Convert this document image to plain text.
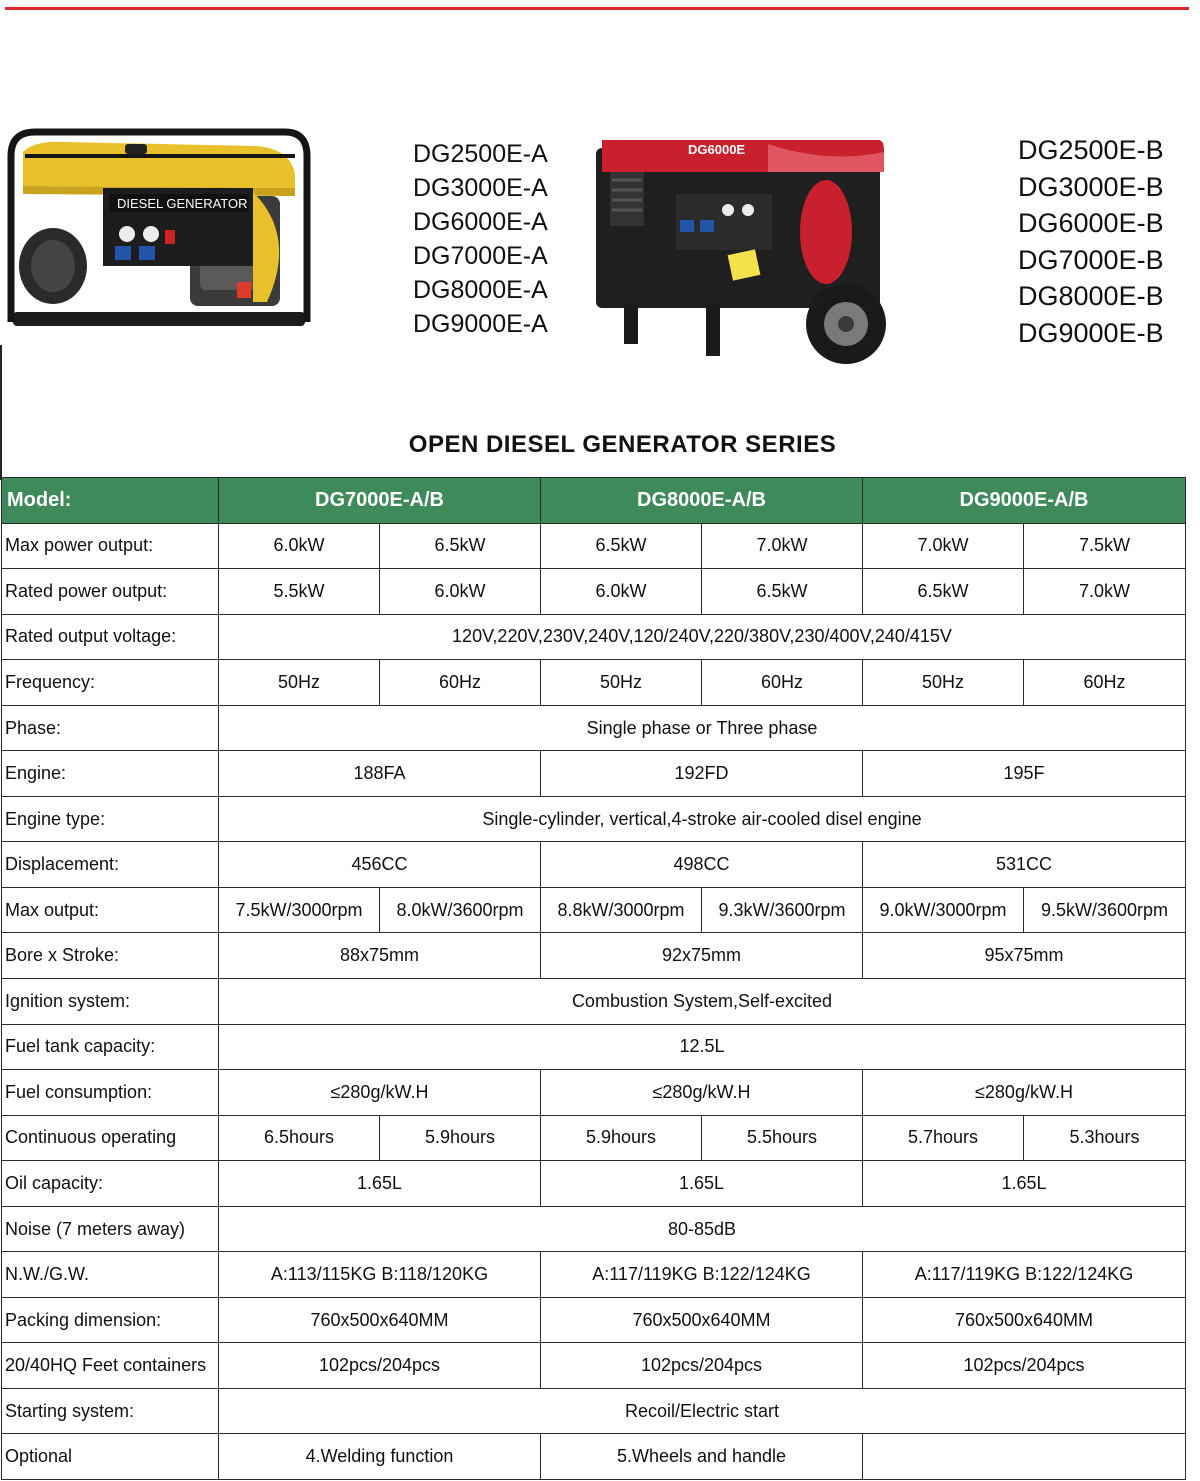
DIESEL GENERATOR
DG2500E-A
DG3000E-A
DG6000E-A
DG7000E-A
DG8000E-A
DG9000E-A
DG6000E	DG2500E-B
DG3000E-B
DG6000E-B
DG7000E-B
DG8000E-B
DG9000E-B
OPEN DIESEL GENERATOR SERIES
Model:	DG7000E-A/B		DG8000E-A/B		DG9000E-A/B	
Max power output:	6.0kW	6.5kW	6.5kW	7.0kW	7.0kW	7.5kW
Rated power output:	5.5kW	6.0kW	6.0kW	6.5kW	6.5kW	7.0kW
Rated output voltage:	120V,220V,230V,240V,120/240V,220/380V,230/400V,240/415V					
Frequency:	50Hz	60Hz	50Hz	60Hz	50Hz	60Hz
Phase:	Single phase or Three phase					
Engine:	188FA		192FD		195F	
Engine type:	Single-cylinder, vertical,4-stroke air-cooled disel engine					
Displacement:	456CC		498CC		531CC	
Max output:	7.5kW/3000rpm	8.0kW/3600rpm	8.8kW/3000rpm	9.3kW/3600rpm	9.0kW/3000rpm	9.5kW/3600rpm
Bore x Stroke:	88x75mm		92x75mm		95x75mm	
Ignition system:	Combustion System,Self-excited					
Fuel tank capacity:	12.5L					
Fuel consumption:	≤280g/kW.H		≤280g/kW.H		≤280g/kW.H	
Continuous operating	6.5hours	5.9hours	5.9hours	5.5hours	5.7hours	5.3hours
Oil capacity:	1.65L		1.65L		1.65L	
Noise (7 meters away)	80-85dB					
N.W./G.W.	A:113/115KG B:118/120KG		A:117/119KG B:122/124KG		A:117/119KG B:122/124KG	
Packing dimension:	760x500x640MM		760x500x640MM		760x500x640MM	
20/40HQ Feet containers	102pcs/204pcs		102pcs/204pcs		102pcs/204pcs	
Starting system:	Recoil/Electric start					
Optional	4.Welding function		5.Wheels and handle			
